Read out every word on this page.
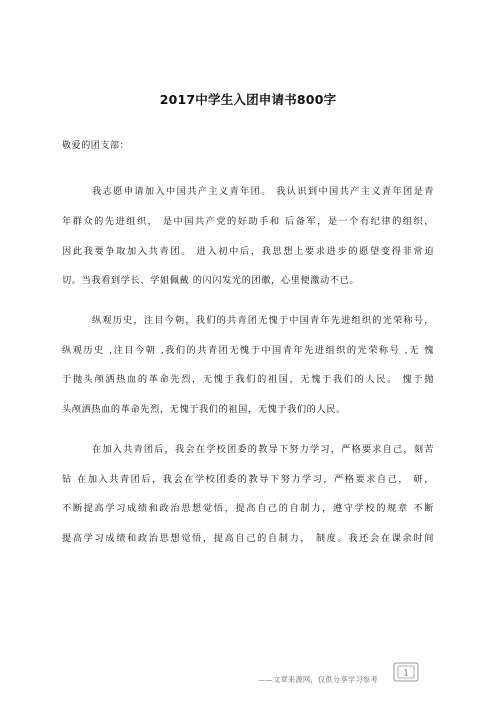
2017中学生入团申请书800字
敬爱的团支部：
我志愿申请加入中国共产主义青年团。 我认识到中国共产主义青年团是青
年群众的先进组织， 是中国共产党的好助手和 后备军，是一个有纪律的组织，
因此我要争取加入共青团。 进入初中后，我思想上要求进步的愿望变得非常迫
切。当我看到学长、学姐佩戴 的闪闪发光的团徽，心里便激动不已。
纵观历史，注目今朝，我们的共青团无愧于中国青年先进组织的光荣称号，
纵观历史 ,注目今朝 ,我们的共青团无愧于中国青年先进组织的光荣称号 ,无 愧
于抛头颅洒热血的革命先烈，无愧于我们的祖国，无愧于我们的人民。 愧于抛
头颅洒热血的革命先烈，无愧于我们的祖国，无愧于我们的人民。
在加入共青团后，我会在学校团委的教导下努力学习，严格要求自己，刻苦
钻 在加入共青团后，我会在学校团委的教导下努力学习，严格要求自己， 研，
不断提高学习成绩和政治思想觉悟，提高自己的自制力，遵守学校的规章 不断
提高学习成绩和政治思想觉悟，提高自己的自制力， 制度。我还会在课余时间
1
——文章来源网，仅供分享学习参考
